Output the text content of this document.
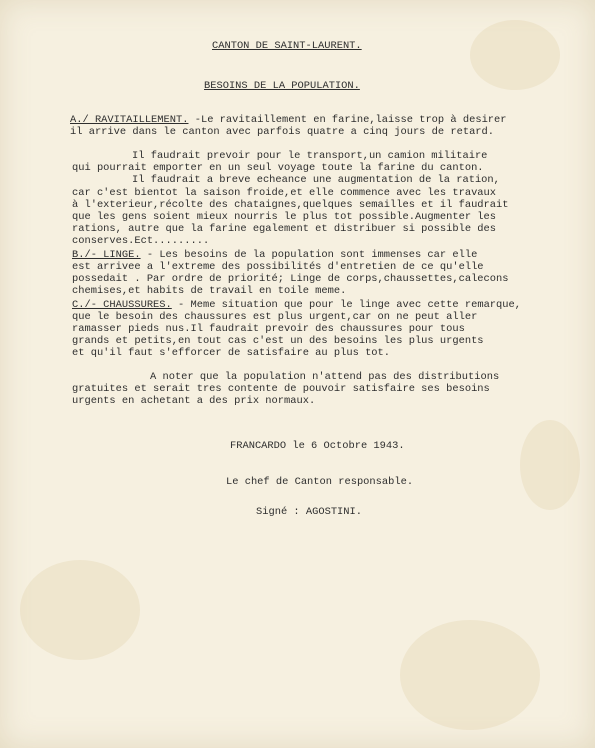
CANTON DE SAINT-LAURENT.
BESOINS DE LA POPULATION.
A./ RAVITAILLEMENT. -Le ravitaillement en farine,laisse trop à desirer
il arrive dans le canton avec parfois quatre a cinq jours de retard.
Il faudrait prevoir pour le transport,un camion militaire
qui pourrait emporter en un seul voyage toute la farine du canton.
Il faudrait a breve echeance une augmentation de la ration,
car c'est bientot la saison froide,et elle commence avec les travaux
à l'exterieur,récolte des chataignes,quelques semailles et il faudrait
que les gens soient mieux nourris le plus tot possible.Augmenter les
rations, autre que la farine egalement et distribuer si possible des
conserves.Ect.........
B./- LINGE. - Les besoins de la population sont immenses car elle
est arrivee a l'extreme des possibilités d'entretien de ce qu'elle
possedait . Par ordre de priorité; Linge de corps,chaussettes,calecons
chemises,et habits de travail en toile meme.
C./- CHAUSSURES. - Meme situation que pour le linge avec cette remarque,
que le besoin des chaussures est plus urgent,car on ne peut aller
ramasser pieds nus.Il faudrait prevoir des chaussures pour tous
grands et petits,en tout cas c'est un des besoins les plus urgents
et qu'il faut s'efforcer de satisfaire au plus tot.
A noter que la population n'attend pas des distributions
gratuites et serait tres contente de pouvoir satisfaire ses besoins
urgents en achetant a des prix normaux.
FRANCARDO le 6 Octobre 1943.
Le chef de Canton responsable.
Signé : AGOSTINI.
